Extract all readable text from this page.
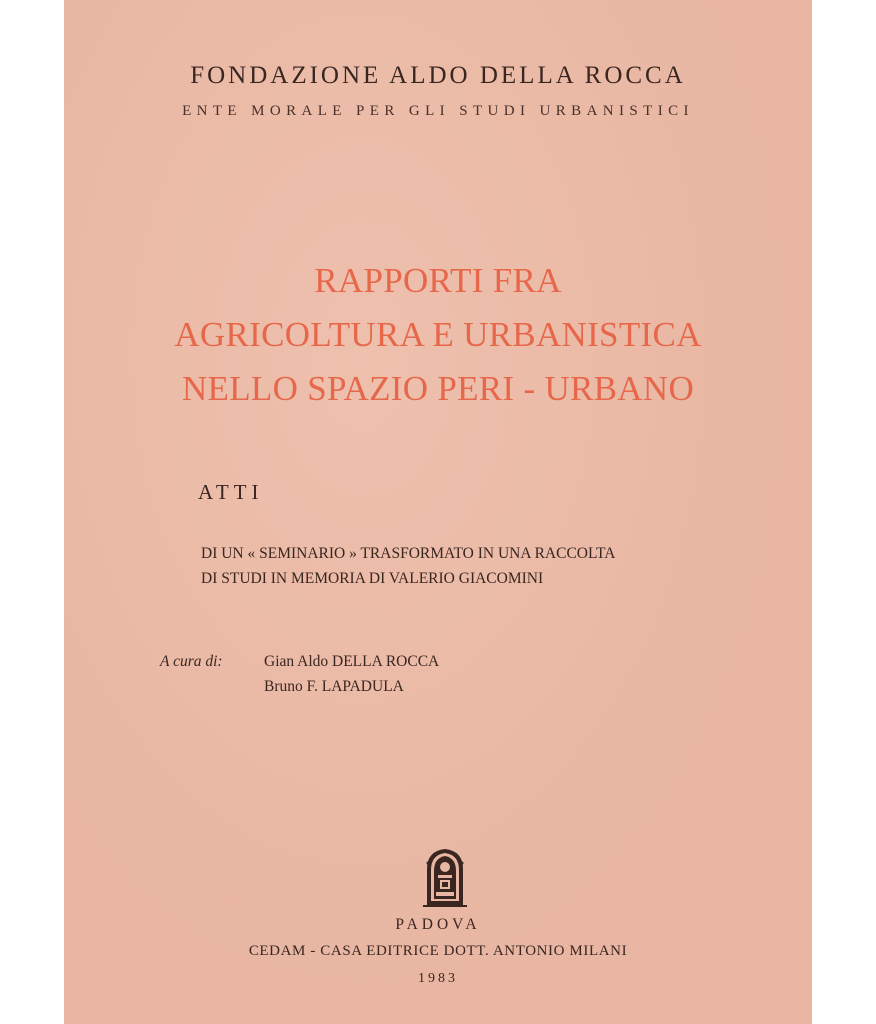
FONDAZIONE ALDO DELLA ROCCA
ENTE MORALE PER GLI STUDI URBANISTICI
RAPPORTI FRA
AGRICOLTURA E URBANISTICA
NELLO SPAZIO PERI - URBANO
ATTI
DI UN « SEMINARIO » TRASFORMATO IN UNA RACCOLTA
DI STUDI IN MEMORIA DI VALERIO GIACOMINI
A cura di:	Gian Aldo DELLA ROCCA
Bruno F. LAPADULA
PADOVA
CEDAM - CASA EDITRICE DOTT. ANTONIO MILANI
1983
